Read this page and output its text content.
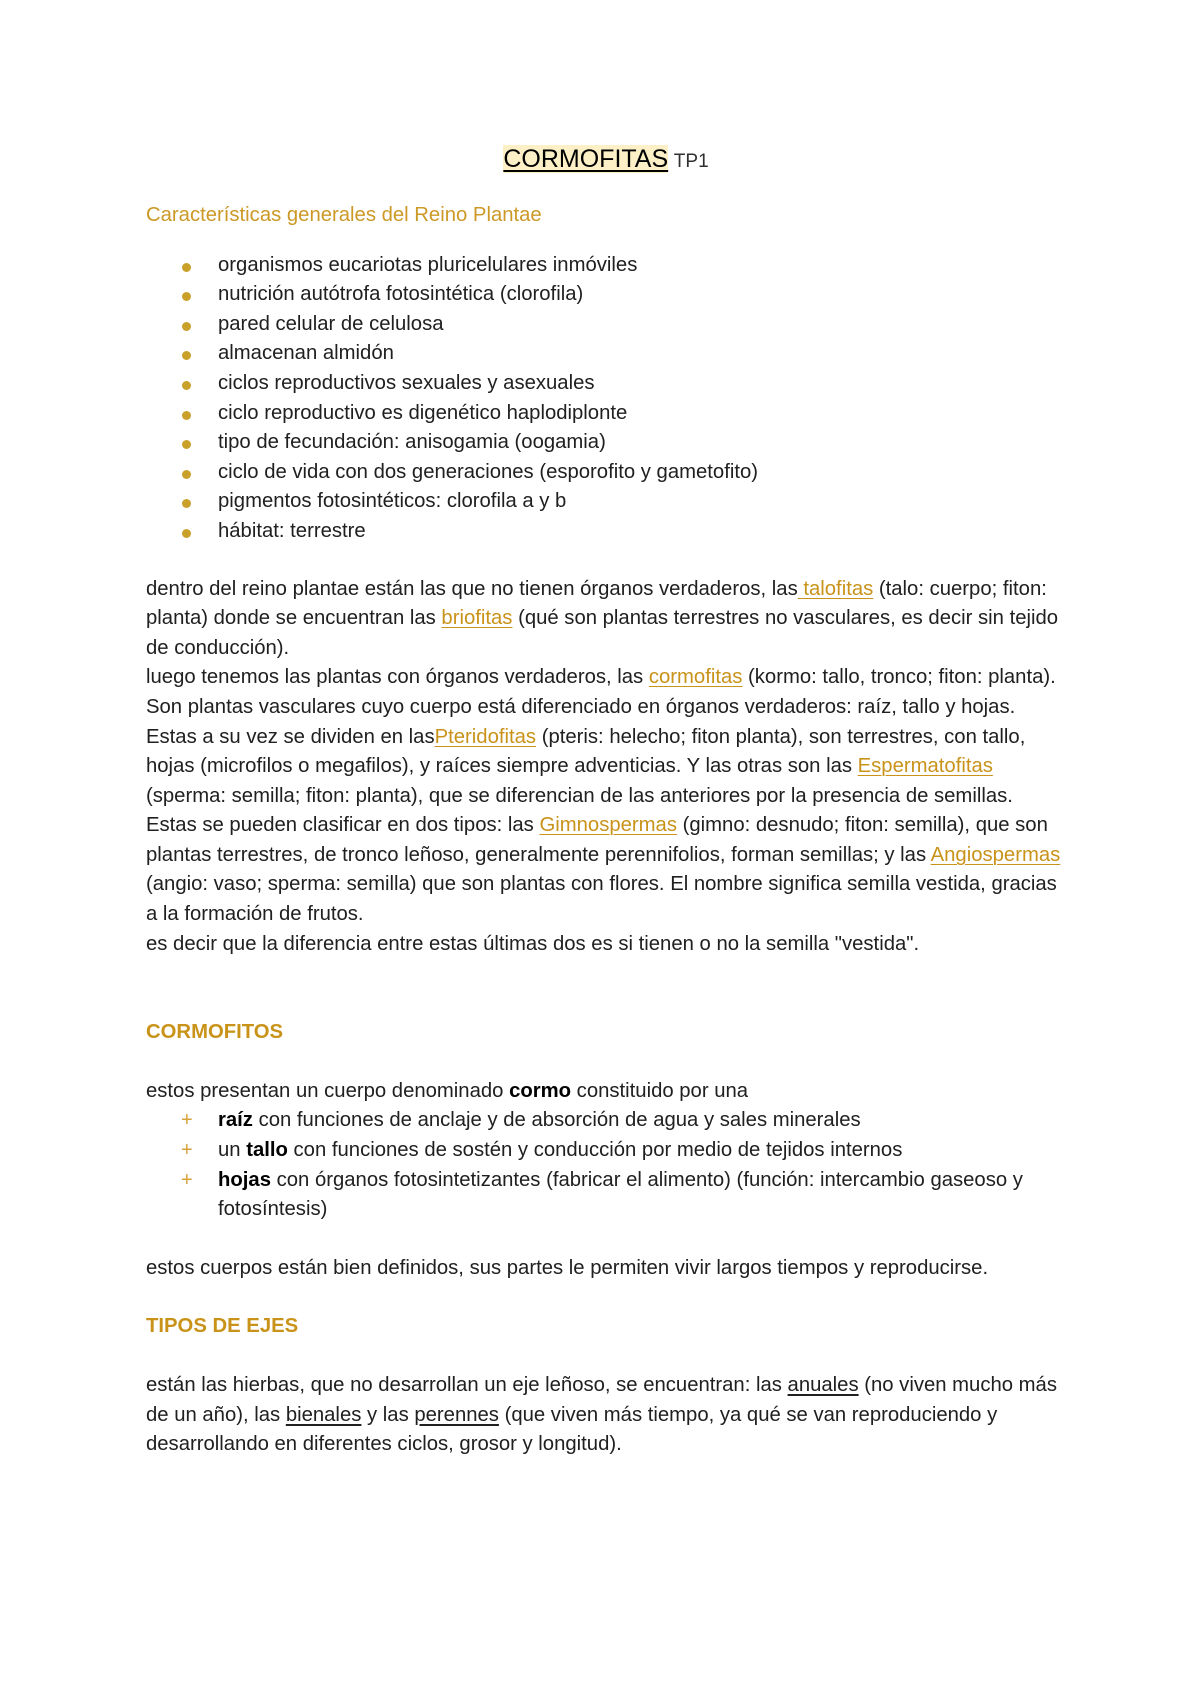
CORMOFITAS TP1

Características generales del Reino Plantae

organismos eucariotas pluricelulares inmóviles
nutrición autótrofa fotosintética (clorofila)
pared celular de celulosa
almacenan almidón
ciclos reproductivos sexuales y asexuales
ciclo reproductivo es digenético haplodiplonte
tipo de fecundación: anisogamia (oogamia)
ciclo de vida con dos generaciones (esporofito y gametofito)
pigmentos fotosintéticos: clorofila a y b
hábitat: terrestre

dentro del reino plantae están las que no tienen órganos verdaderos, las talofitas (talo: cuerpo; fiton: planta) donde se encuentran las briofitas (qué son plantas terrestres no vasculares, es decir sin tejido de conducción).

luego tenemos las plantas con órganos verdaderos, las cormofitas (kormo: tallo, tronco; fiton: planta). Son plantas vasculares cuyo cuerpo está diferenciado en órganos verdaderos: raíz, tallo y hojas.

Estas a su vez se dividen en lasPteridofitas (pteris: helecho; fiton planta), son terrestres, con tallo, hojas (microfilos o megafilos), y raíces siempre adventicias. Y las otras son las Espermatofitas (sperma: semilla; fiton: planta), que se diferencian de las anteriores por la presencia de semillas. Estas se pueden clasificar en dos tipos: las Gimnospermas (gimno: desnudo; fiton: semilla), que son plantas terrestres, de tronco leñoso, generalmente perennifolios, forman semillas; y las Angiospermas (angio: vaso; sperma: semilla) que son plantas con flores. El nombre significa semilla vestida, gracias a la formación de frutos.

es decir que la diferencia entre estas últimas dos es si tienen o no la semilla "vestida".

CORMOFITOS

estos presentan un cuerpo denominado cormo constituido por una

+ raíz con funciones de anclaje y de absorción de agua y sales minerales
+ un tallo con funciones de sostén y conducción por medio de tejidos internos
+ hojas con órganos fotosintetizantes (fabricar el alimento) (función: intercambio gaseoso y fotosíntesis)

estos cuerpos están bien definidos, sus partes le permiten vivir largos tiempos y reproducirse.

TIPOS DE EJES

están las hierbas, que no desarrollan un eje leñoso, se encuentran: las anuales (no viven mucho más de un año), las bienales y las perennes (que viven más tiempo, ya qué se van reproduciendo y desarrollando en diferentes ciclos, grosor y longitud).
